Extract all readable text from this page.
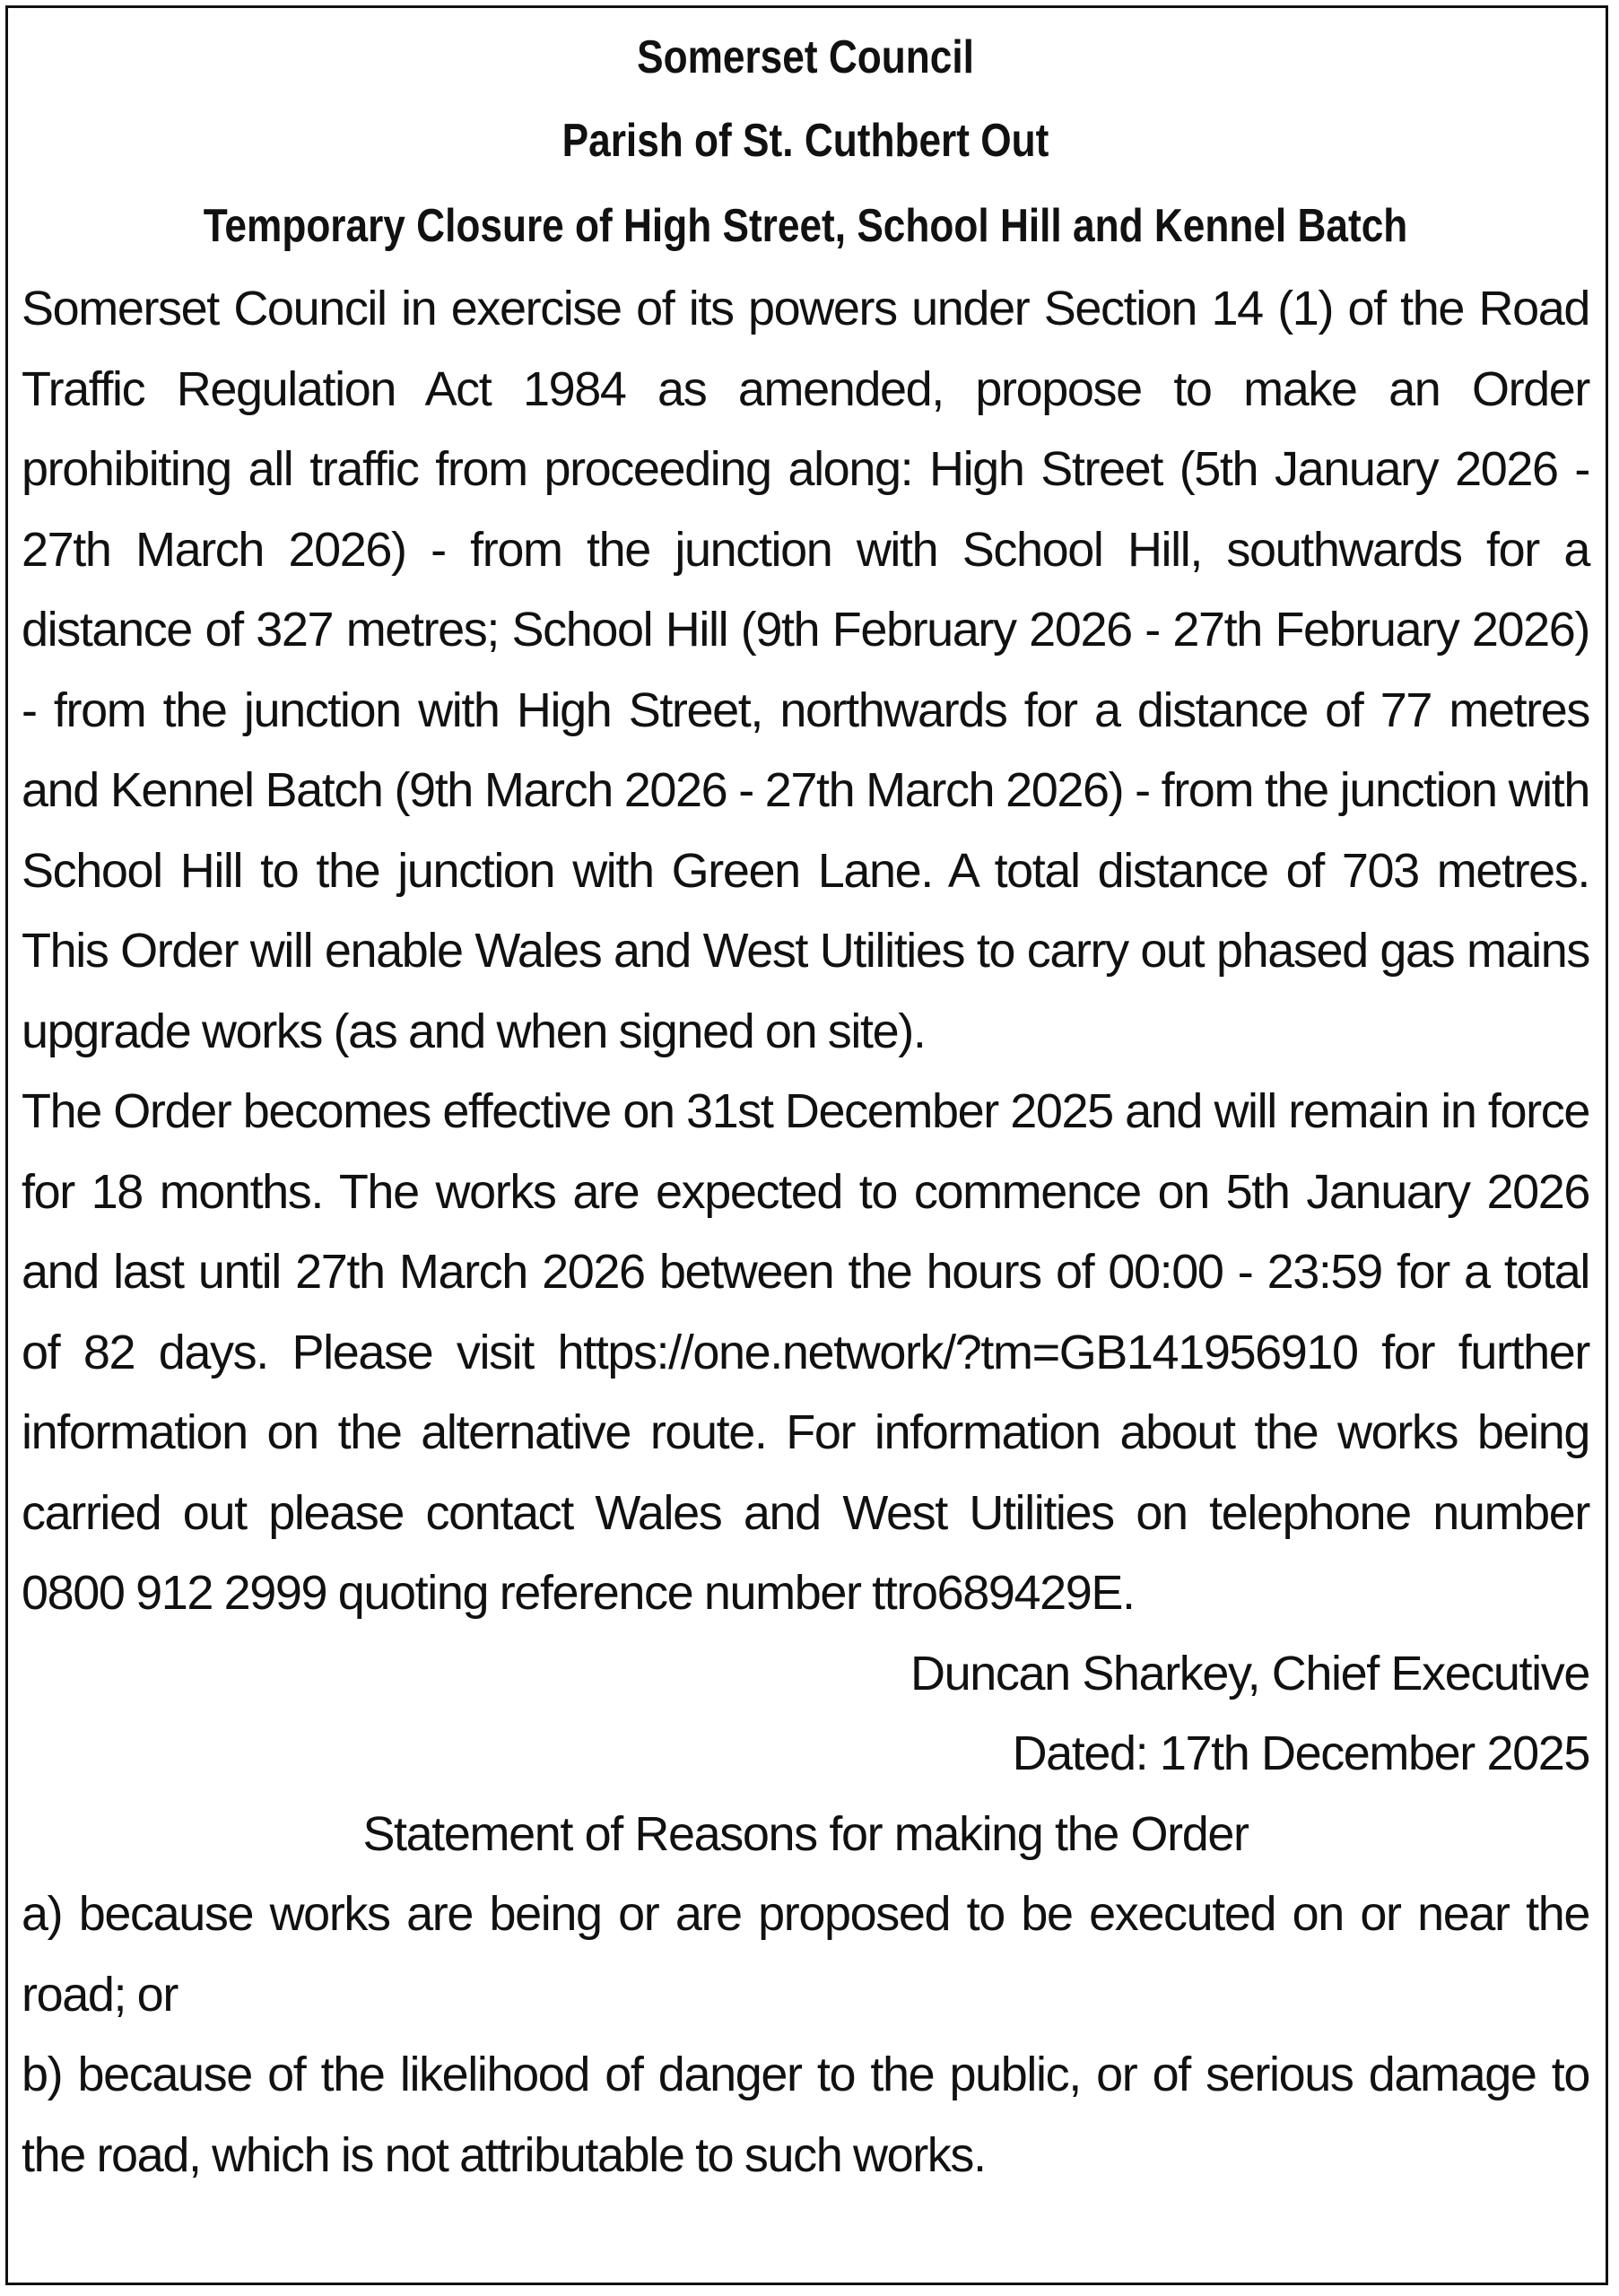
Somerset Council
Parish of St. Cuthbert Out
Temporary Closure of High Street, School Hill and Kennel Batch

Somerset Council in exercise of its powers under Section 14 (1) of the Road Traffic Regulation Act 1984 as amended, propose to make an Order prohibiting all traffic from proceeding along: High Street (5th January 2026 - 27th March 2026) - from the junction with School Hill, southwards for a distance of 327 metres; School Hill (9th February 2026 - 27th February 2026) - from the junction with High Street, northwards for a distance of 77 metres and Kennel Batch (9th March 2026 - 27th March 2026) - from the junction with School Hill to the junction with Green Lane. A total distance of 703 metres. This Order will enable Wales and West Utilities to carry out phased gas mains upgrade works (as and when signed on site).

The Order becomes effective on 31st December 2025 and will remain in force for 18 months. The works are expected to commence on 5th January 2026 and last until 27th March 2026 between the hours of 00:00 - 23:59 for a total of 82 days. Please visit https://one.network/?tm=GB141956910 for further information on the alternative route. For information about the works being carried out please contact Wales and West Utilities on telephone number 0800 912 2999 quoting reference number ttro689429E.

Duncan Sharkey, Chief Executive

Dated: 17th December 2025

Statement of Reasons for making the Order

a) because works are being or are proposed to be executed on or near the road; or

b) because of the likelihood of danger to the public, or of serious damage to the road, which is not attributable to such works.
